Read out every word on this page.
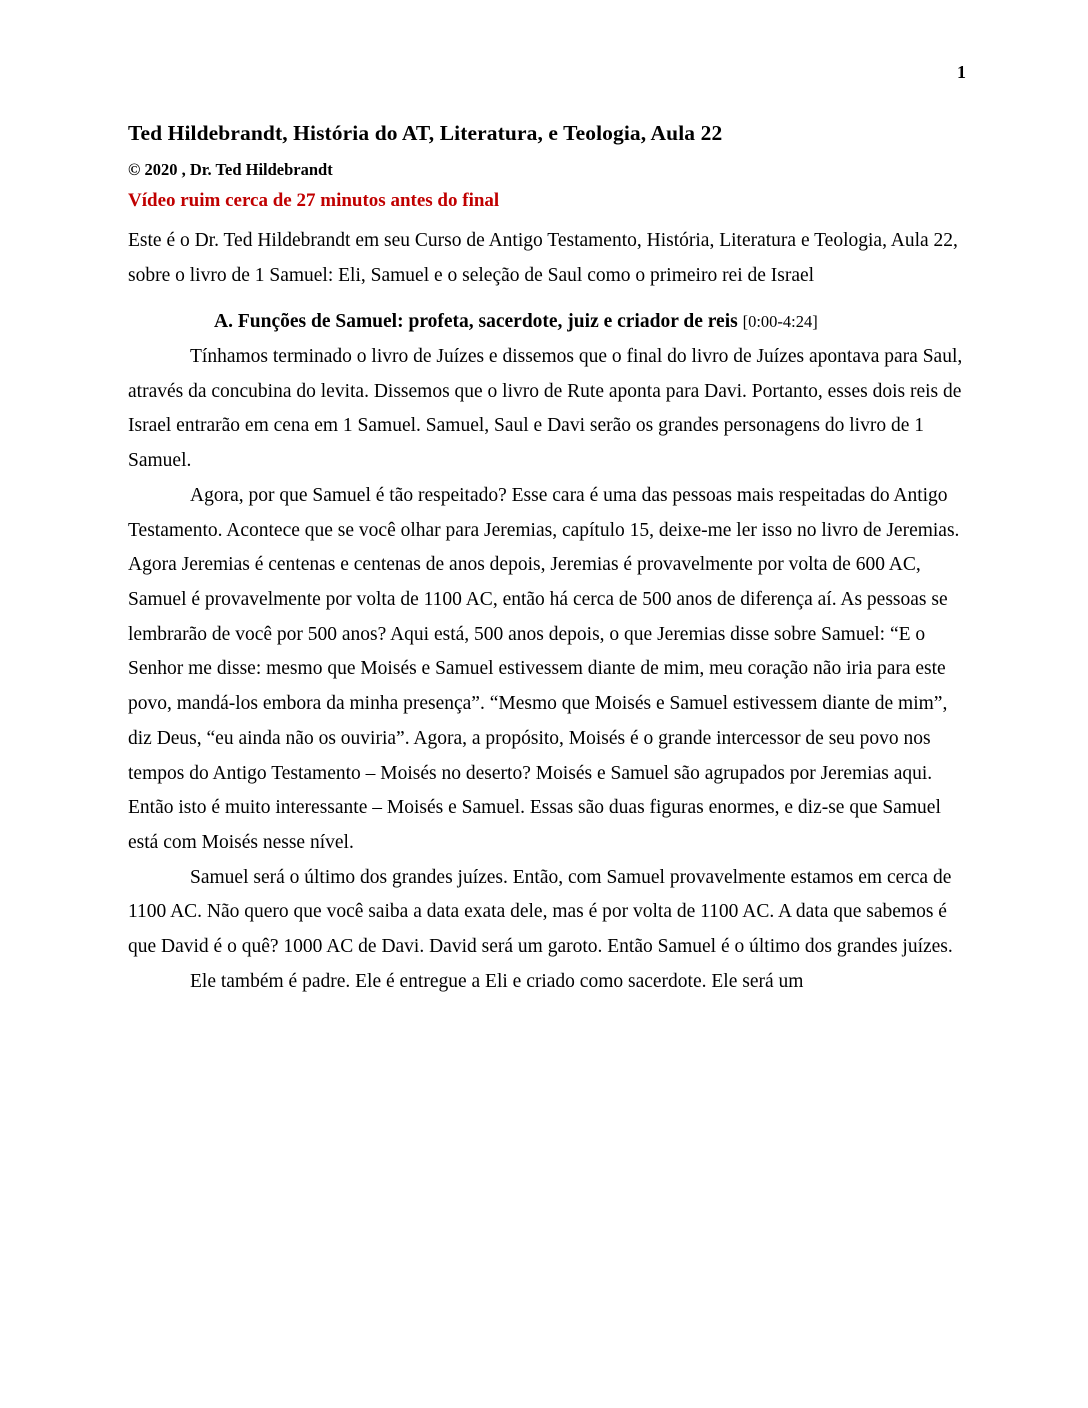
1
Ted Hildebrandt, História do AT, Literatura, e Teologia, Aula 22
© 2020 , Dr. Ted Hildebrandt
Vídeo ruim cerca de 27 minutos antes do final

Este é o Dr. Ted Hildebrandt em seu Curso de Antigo Testamento, História, Literatura e Teologia, Aula 22, sobre o livro de 1 Samuel: Eli, Samuel e o seleção de Saul como o primeiro rei de Israel

A. Funções de Samuel: profeta, sacerdote, juiz e criador de reis [0:00-4:24]

Tínhamos terminado o livro de Juízes e dissemos que o final do livro de Juízes apontava para Saul, através da concubina do levita. Dissemos que o livro de Rute aponta para Davi. Portanto, esses dois reis de Israel entrarão em cena em 1 Samuel. Samuel, Saul e Davi serão os grandes personagens do livro de 1 Samuel.

Agora, por que Samuel é tão respeitado? Esse cara é uma das pessoas mais respeitadas do Antigo Testamento. Acontece que se você olhar para Jeremias, capítulo 15, deixe-me ler isso no livro de Jeremias. Agora Jeremias é centenas e centenas de anos depois, Jeremias é provavelmente por volta de 600 AC, Samuel é provavelmente por volta de 1100 AC, então há cerca de 500 anos de diferença aí. As pessoas se lembrarão de você por 500 anos? Aqui está, 500 anos depois, o que Jeremias disse sobre Samuel: “E o Senhor me disse: mesmo que Moisés e Samuel estivessem diante de mim, meu coração não iria para este povo, mandá-los embora da minha presença”. “Mesmo que Moisés e Samuel estivessem diante de mim”, diz Deus, “eu ainda não os ouviria”. Agora, a propósito, Moisés é o grande intercessor de seu povo nos tempos do Antigo Testamento – Moisés no deserto? Moisés e Samuel são agrupados por Jeremias aqui. Então isto é muito interessante – Moisés e Samuel. Essas são duas figuras enormes, e diz-se que Samuel está com Moisés nesse nível.

Samuel será o último dos grandes juízes. Então, com Samuel provavelmente estamos em cerca de 1100 AC. Não quero que você saiba a data exata dele, mas é por volta de 1100 AC. A data que sabemos é que David é o quê? 1000 AC de Davi. David será um garoto. Então Samuel é o último dos grandes juízes.

Ele também é padre. Ele é entregue a Eli e criado como sacerdote. Ele será um
